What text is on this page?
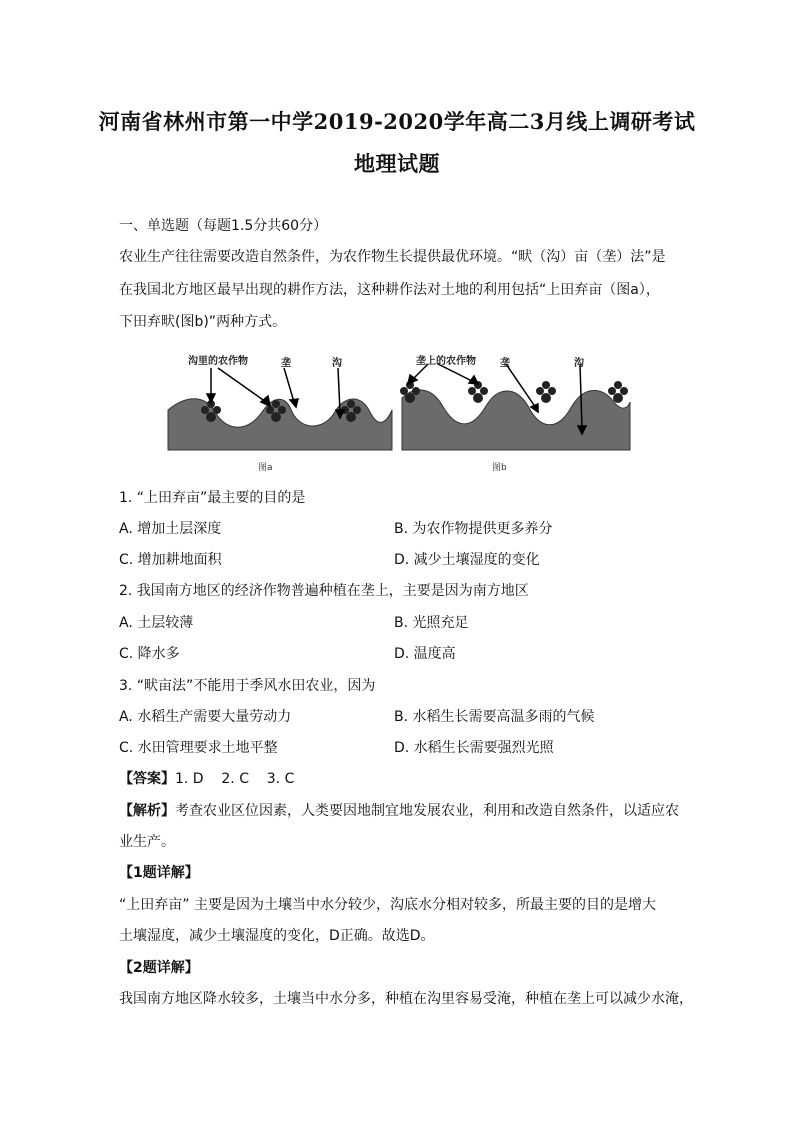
河南省林州市第一中学2019-2020学年高二3月线上调研考试
地理试题
一、单选题（每题1.5分共60分）
农业生产往往需要改造自然条件，为农作物生长提供最优环境。“畎（沟）亩（垄）法”是
在我国北方地区最早出现的耕作方法，这种耕作法对土地的利用包括“上田弃亩（图a），
下田弃畎(图b)”两种方式。
沟里的农作物	垄	沟	垄上的农作物 垄	沟
图a	图b
1. “上田弃亩”最主要的目的是
A. 增加土层深度	B. 为农作物提供更多养分
C. 增加耕地面积	D. 减少土壤湿度的变化
2. 我国南方地区的经济作物普遍种植在垄上，主要是因为南方地区
A. 土层较薄	B. 光照充足
C. 降水多	D. 温度高
3. “畎亩法”不能用于季风水田农业，因为
A. 水稻生产需要大量劳动力	B. 水稻生长需要高温多雨的气候
C. 水田管理要求土地平整	D. 水稻生长需要强烈光照
【答案】1. D    2. C    3. C
【解析】考查农业区位因素，人类要因地制宜地发展农业，利用和改造自然条件，以适应农
业生产。
【1题详解】
“上田弃亩” 主要是因为土壤当中水分较少，沟底水分相对较多，所最主要的目的是增大
土壤湿度，减少土壤湿度的变化，D正确。故选D。
【2题详解】
我国南方地区降水较多，土壤当中水分多，种植在沟里容易受淹，种植在垄上可以减少水淹，
